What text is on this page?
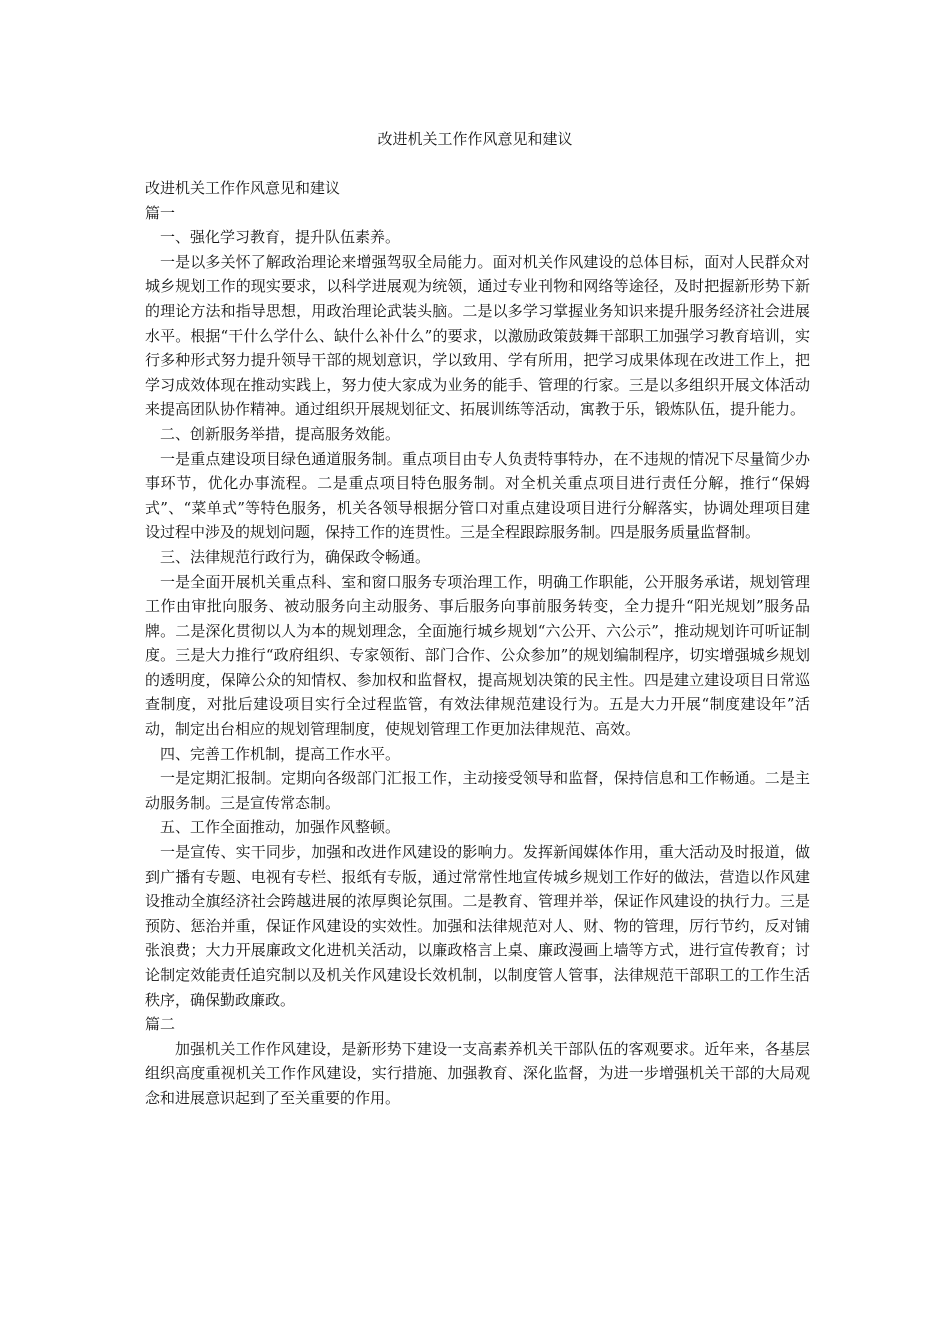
改进机关工作作风意见和建议

改进机关工作作风意见和建议

篇一

一、强化学习教育，提升队伍素养。

一是以多关怀了解政治理论来增强驾驭全局能力。面对机关作风建设的总体目标，面对人民群众对城乡规划工作的现实要求，以科学进展观为统领，通过专业刊物和网络等途径，及时把握新形势下新的理论方法和指导思想，用政治理论武装头脑。二是以多学习掌握业务知识来提升服务经济社会进展水平。根据“干什么学什么、缺什么补什么”的要求，以激励政策鼓舞干部职工加强学习教育培训，实行多种形式努力提升领导干部的规划意识，学以致用、学有所用，把学习成果体现在改进工作上，把学习成效体现在推动实践上，努力使大家成为业务的能手、管理的行家。三是以多组织开展文体活动来提高团队协作精神。通过组织开展规划征文、拓展训练等活动，寓教于乐，锻炼队伍，提升能力。

二、创新服务举措，提高服务效能。

一是重点建设项目绿色通道服务制。重点项目由专人负责特事特办，在不违规的情况下尽量简少办事环节，优化办事流程。二是重点项目特色服务制。对全机关重点项目进行责任分解，推行“保姆式”、“菜单式”等特色服务，机关各领导根据分管口对重点建设项目进行分解落实，协调处理项目建设过程中涉及的规划问题，保持工作的连贯性。三是全程跟踪服务制。四是服务质量监督制。

三、法律规范行政行为，确保政令畅通。

一是全面开展机关重点科、室和窗口服务专项治理工作，明确工作职能，公开服务承诺，规划管理工作由审批向服务、被动服务向主动服务、事后服务向事前服务转变，全力提升“阳光规划”服务品牌。二是深化贯彻以人为本的规划理念，全面施行城乡规划“六公开、六公示”，推动规划许可听证制度。三是大力推行“政府组织、专家领衔、部门合作、公众参加”的规划编制程序，切实增强城乡规划的透明度，保障公众的知情权、参加权和监督权，提高规划决策的民主性。四是建立建设项目日常巡查制度，对批后建设项目实行全过程监管，有效法律规范建设行为。五是大力开展“制度建设年”活动，制定出台相应的规划管理制度，使规划管理工作更加法律规范、高效。

四、完善工作机制，提高工作水平。

一是定期汇报制。定期向各级部门汇报工作，主动接受领导和监督，保持信息和工作畅通。二是主动服务制。三是宣传常态制。

五、工作全面推动，加强作风整顿。

一是宣传、实干同步，加强和改进作风建设的影响力。发挥新闻媒体作用，重大活动及时报道，做到广播有专题、电视有专栏、报纸有专版，通过常常性地宣传城乡规划工作好的做法，营造以作风建设推动全旗经济社会跨越进展的浓厚舆论氛围。二是教育、管理并举，保证作风建设的执行力。三是预防、惩治并重，保证作风建设的实效性。加强和法律规范对人、财、物的管理，厉行节约，反对铺张浪费；大力开展廉政文化进机关活动，以廉政格言上桌、廉政漫画上墙等方式，进行宣传教育；讨论制定效能责任追究制以及机关作风建设长效机制，以制度管人管事，法律规范干部职工的工作生活秩序，确保勤政廉政。

篇二

加强机关工作作风建设，是新形势下建设一支高素养机关干部队伍的客观要求。近年来，各基层组织高度重视机关工作作风建设，实行措施、加强教育、深化监督，为进一步增强机关干部的大局观念和进展意识起到了至关重要的作用。
